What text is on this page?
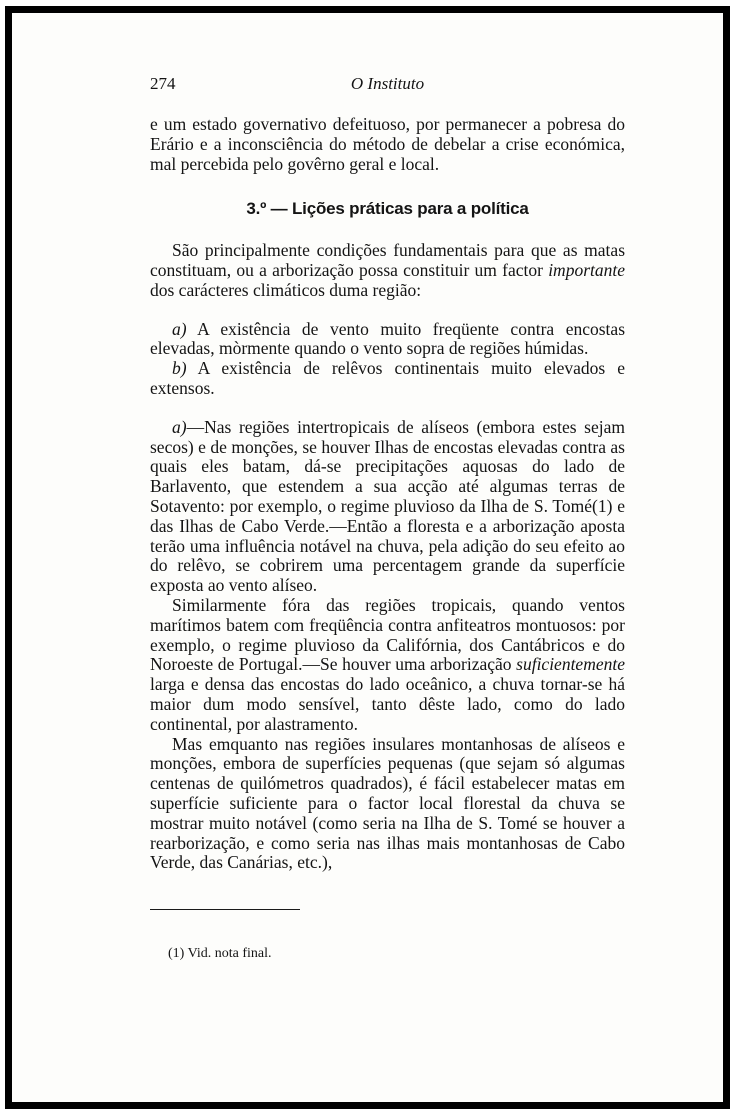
274	O Instituto

e um estado governativo defeituoso, por permanecer a pobresa do Erário e a inconsciência do método de debelar a crise económica, mal percebida pelo govêrno geral e local.

3.º — Lições práticas para a política

São principalmente condições fundamentais para que as matas constituam, ou a arborização possa constituir um factor importante dos carácteres climáticos duma região:

a) A existência de vento muito freqüente contra encostas elevadas, mòrmente quando o vento sopra de regiões húmidas.

b) A existência de relêvos continentais muito elevados e extensos.

a)—Nas regiões intertropicais de alíseos (embora estes sejam secos) e de monções, se houver Ilhas de encostas elevadas contra as quais eles batam, dá-se precipitações aquosas do lado de Barlavento, que estendem a sua acção até algumas terras de Sotavento: por exemplo, o regime pluvioso da Ilha de S. Tomé(1) e das Ilhas de Cabo Verde.—Então a floresta e a arborização aposta terão uma influência notável na chuva, pela adição do seu efeito ao do relêvo, se cobrirem uma percentagem grande da superfície exposta ao vento alíseo.

Similarmente fóra das regiões tropicais, quando ventos marítimos batem com freqüência contra anfiteatros montuosos: por exemplo, o regime pluvioso da Califórnia, dos Cantábricos e do Noroeste de Portugal.—Se houver uma arborização suficientemente larga e densa das encostas do lado oceânico, a chuva tornar-se há maior dum modo sensível, tanto dêste lado, como do lado continental, por alastramento.

Mas emquanto nas regiões insulares montanhosas de alíseos e monções, embora de superfícies pequenas (que sejam só algumas centenas de quilómetros quadrados), é fácil estabelecer matas em superfície suficiente para o factor local florestal da chuva se mostrar muito notável (como seria na Ilha de S. Tomé se houver a rearborização, e como seria nas ilhas mais montanhosas de Cabo Verde, das Canárias, etc.),

(1) Vid. nota final.
